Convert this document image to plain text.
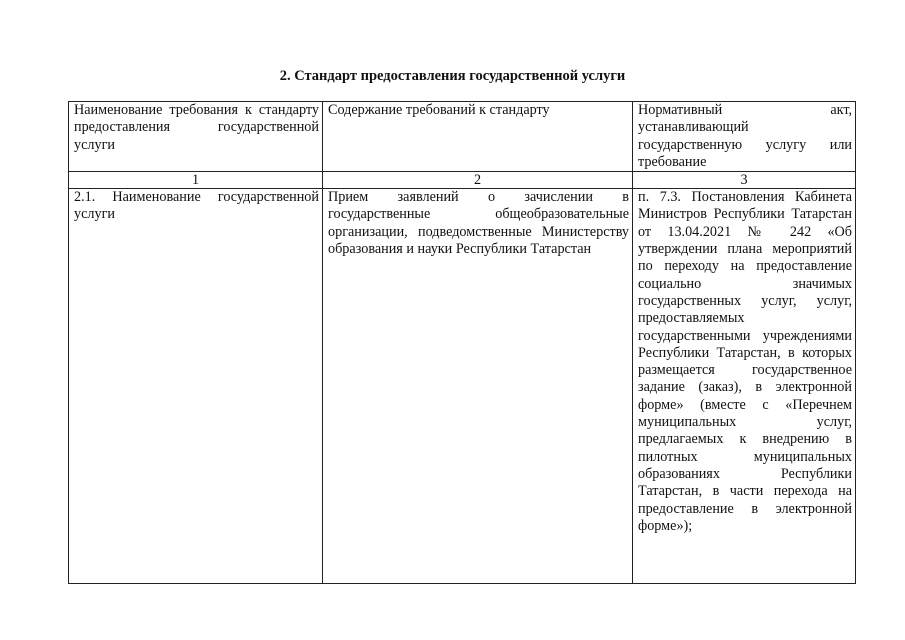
2. Стандарт предоставления государственной услуги
Наименование требования к стандарту предоставления государственной услуги	Содержание требований к стандарту	Нормативный акт, устанавливающий государственную услугу или требование
1	2	3
2.1. Наименование государственной услуги	Прием заявлений о зачислении в государственные общеобразовательные организации, подведомственные Министерству образования и науки Республики Татарстан	п. 7.3. Постановления Кабинета Министров Республики Татарстан от 13.04.2021 № 242 «Об утверждении плана мероприятий по переходу на предоставление социально значимых государственных услуг, услуг, предоставляемых государственными учреждениями Республики Татарстан, в которых размещается государственное задание (заказ), в электронной форме» (вместе с «Перечнем муниципальных услуг, предлагаемых к внедрению в пилотных муниципальных образованиях Республики Татарстан, в части перехода на предоставление в электронной форме»);
